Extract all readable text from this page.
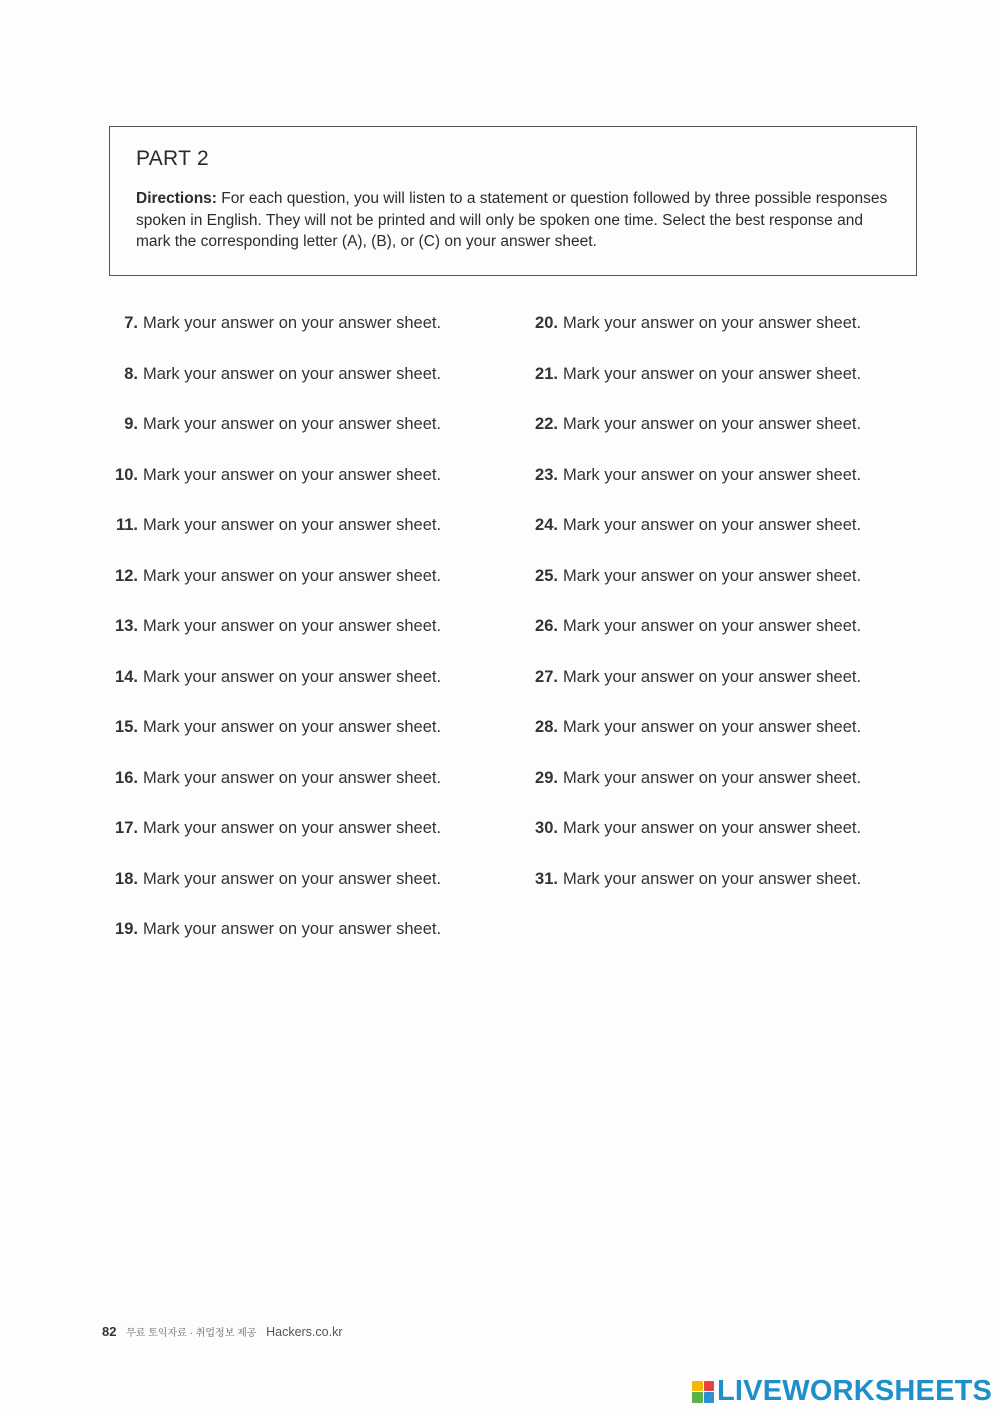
PART 2

Directions: For each question, you will listen to a statement or question followed by three possible responses spoken in English. They will not be printed and will only be spoken one time. Select the best response and mark the corresponding letter (A), (B), or (C) on your answer sheet.

7 . Mark your answer on your answer sheet.
8 . Mark your answer on your answer sheet.
9 . Mark your answer on your answer sheet.
10 . Mark your answer on your answer sheet.
11 . Mark your answer on your answer sheet.
12 . Mark your answer on your answer sheet.
13 . Mark your answer on your answer sheet.
14 . Mark your answer on your answer sheet.
15 . Mark your answer on your answer sheet.
16 . Mark your answer on your answer sheet.
17 . Mark your answer on your answer sheet.
18 . Mark your answer on your answer sheet.
19 . Mark your answer on your answer sheet.
20 . Mark your answer on your answer sheet.
21 . Mark your answer on your answer sheet.
22 . Mark your answer on your answer sheet.
23 . Mark your answer on your answer sheet.
24 . Mark your answer on your answer sheet.
25 . Mark your answer on your answer sheet.
26 . Mark your answer on your answer sheet.
27 . Mark your answer on your answer sheet.
28 . Mark your answer on your answer sheet.
29 . Mark your answer on your answer sheet.
30 . Mark your answer on your answer sheet.
31 . Mark your answer on your answer sheet.
82 무료 토익자료 · 취업정보 제공 Hackers.co.kr
LIVEWORKSHEETS
